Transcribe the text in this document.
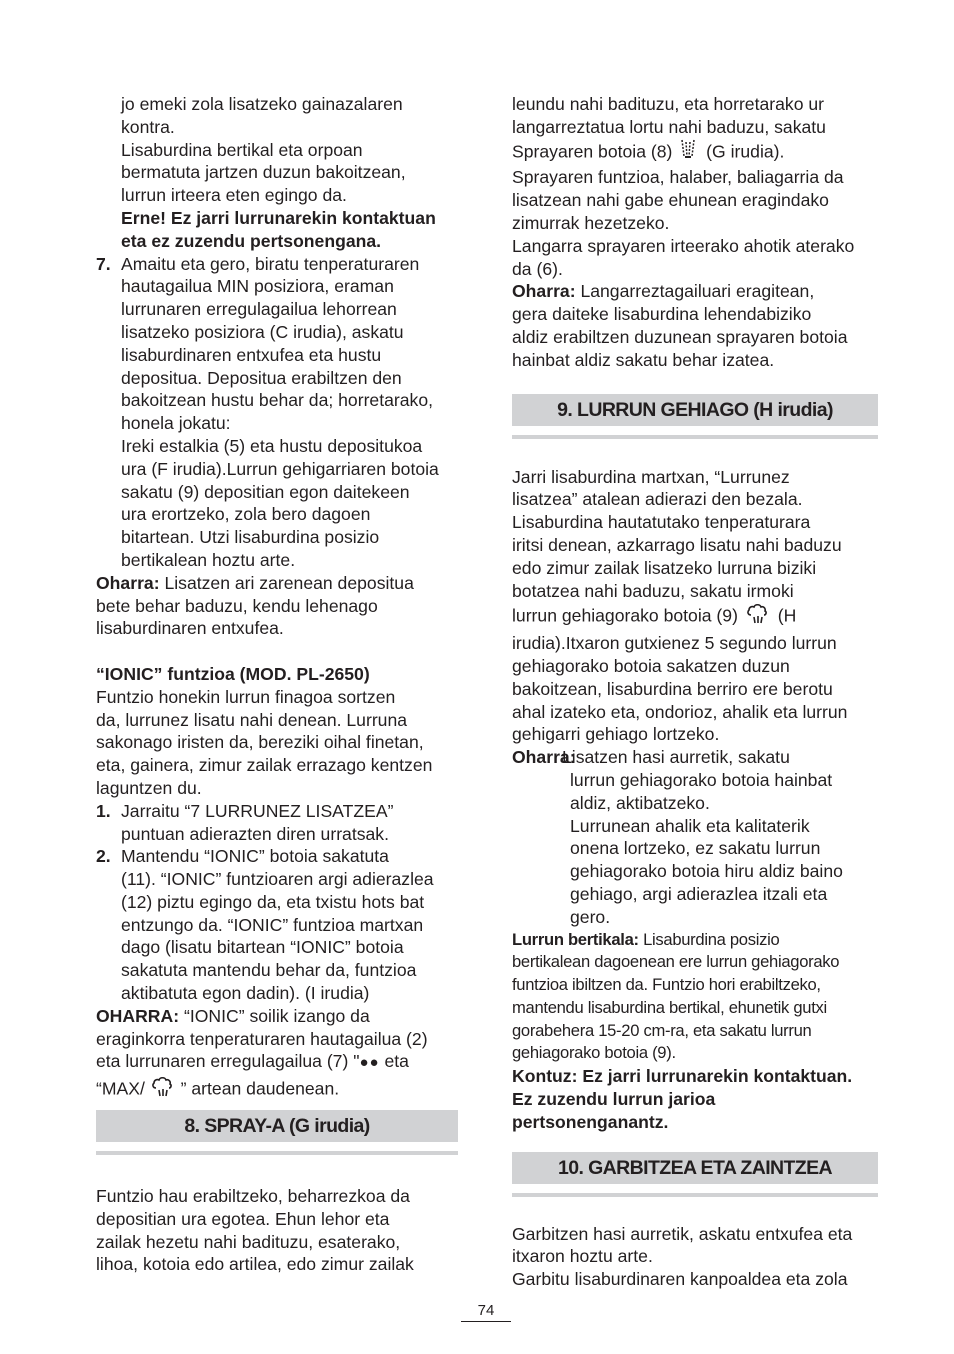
jo emeki zola lisatzeko gainazalaren

kontra.

Lisaburdina bertikal eta orpoan

bermatuta jartzen duzun bakoitzean,

lurrun irteera eten egingo da.

Erne! Ez jarri lurrunarekin kontaktuan

eta ez zuzendu pertsonengana.

7. Amaitu eta gero, biratu tenperaturaren

hautagailua MIN posiziora, eraman

lurrunaren erregulagailua lehorrean

lisatzeko posiziora (C irudia), askatu

lisaburdinaren entxufea eta hustu

depositua. Depositua erabiltzen den

bakoitzean hustu behar da; horretarako,

honela jokatu:

Ireki estalkia (5) eta hustu depositukoa

ura (F irudia).Lurrun gehigarriaren botoia

sakatu (9) depositian egon daitekeen

ura erortzeko, zola bero dagoen

bitartean. Utzi lisaburdina posizio

bertikalean hoztu arte.

Oharra: Lisatzen ari zarenean depositua

bete behar baduzu, kendu lehenago

lisaburdinaren entxufea.

“IONIC” funtzioa (MOD. PL-2650)

Funtzio honekin lurrun finagoa sortzen

da, lurrunez lisatu nahi denean. Lurruna

sakonago iristen da, bereziki oihal finetan,

eta, gainera, zimur zailak errazago kentzen

laguntzen du.

1. Jarraitu “7 LURRUNEZ LISATZEA”

puntuan adierazten diren urratsak.

2. Mantendu “IONIC” botoia sakatuta

(11). “IONIC” funtzioaren argi adierazlea

(12) piztu egingo da, eta txistu hots bat

entzungo da. “IONIC” funtzioa martxan

dago (lisatu bitartean “IONIC” botoia

sakatuta mantendu behar da, funtzioa

aktibatuta egon dadin). (I irudia)

OHARRA: “IONIC” soilik izango da

eraginkorra tenperaturaren hautagailua (2)

eta lurrunaren erregulagailua (7) "●● eta

“MAX/  ” artean daudenean.

8. SPRAY-A (G irudia)

Funtzio hau erabiltzeko, beharrezkoa da

depositian ura egotea. Ehun lehor eta

zailak hezetu nahi badituzu, esaterako,

lihoa, kotoia edo artilea, edo zimur zailak

leundu nahi badituzu, eta horretarako ur

langarreztatua lortu nahi baduzu, sakatu

Sprayaren botoia (8)  (G irudia).

Sprayaren funtzioa, halaber, baliagarria da

lisatzean nahi gabe ehunean eragindako

zimurrak hezetzeko.

Langarra sprayaren irteerako ahotik aterako

da (6).

Oharra: Langarreztagailuari eragitean,

gera daiteke lisaburdina lehendabiziko

aldiz erabiltzen duzunean sprayaren botoia

hainbat aldiz sakatu behar izatea.

9. LURRUN GEHIAGO (H irudia)

Jarri lisaburdina martxan, “Lurrunez

lisatzea” atalean adierazi den bezala.

Lisaburdina hautatutako tenperaturara

iritsi denean, azkarrago lisatu nahi baduzu

edo zimur zailak lisatzeko lurruna biziki

botatzea nahi baduzu, sakatu irmoki

lurrun gehiagorako botoia (9)  (H

irudia).Itxaron gutxienez 5 segundo lurrun

gehiagorako botoia sakatzen duzun

bakoitzean, lisaburdina berriro ere berotu

ahal izateko eta, ondorioz, ahalik eta lurrun

gehigarri gehiago lortzeko.

Oharra:

Lisatzen hasi aurretik, sakatu

lurrun gehiagorako botoia hainbat

aldiz, aktibatzeko.

Lurrunean ahalik eta kalitaterik

onena lortzeko, ez sakatu lurrun

gehiagorako botoia hiru aldiz baino

gehiago, argi adierazlea itzali eta

gero.

Lurrun bertikala: Lisaburdina posizio

bertikalean dagoenean ere lurrun gehiagorako

funtzioa ibiltzen da. Funtzio hori erabiltzeko,

mantendu lisaburdina bertikal, ehunetik gutxi

gorabehera 15-20 cm-ra, eta sakatu lurrun

gehiagorako botoia (9).

Kontuz: Ez jarri lurrunarekin kontaktuan.

Ez zuzendu lurrun jarioa

pertsonenganantz.

10. GARBITZEA ETA ZAINTZEA

Garbitzen hasi aurretik, askatu entxufea eta

itxaron hoztu arte.

Garbitu lisaburdinaren kanpoaldea eta zola

74
